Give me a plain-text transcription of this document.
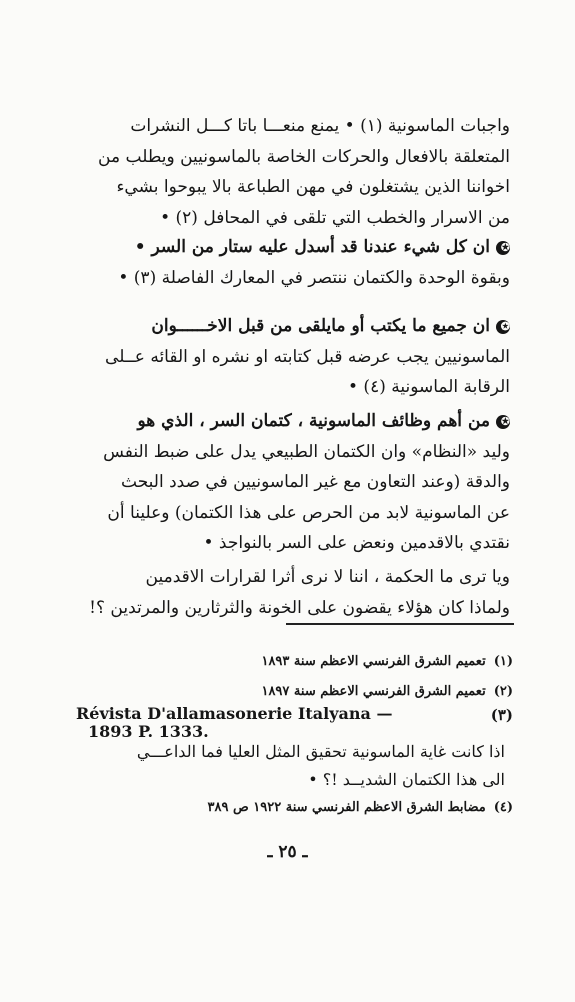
واجبات الماسونية (١) • يمنع منعـــا باتا كـــل النشرات
المتعلقة بالافعال والحركات الخاصة بالماسونيين ويطلب من
اخواننا الذين يشتغلون في مهن الطباعة بالا يبوحوا بشيء
من الاسرار والخطب التي تلقى في المحافل (٢) •
✪ان كل شيء عندنا قد أسدل عليه ستار من السر •
وبقوة الوحدة والكتمان ننتصر في المعارك الفاصلة (٣) •
✪ان جميع ما يكتب أو مايلقى من قبل الاخــــــوان
الماسونيين يجب عرضه قبل كتابته او نشره او القائه عــلى
الرقابة الماسونية (٤) •
✪من أهم وظائف الماسونية ، كتمان السر ، الذي هو
وليد «النظام» وان الكتمان الطبيعي يدل على ضبط النفس
والدقة (وعند التعاون مع غير الماسونيين في صدد البحث
عن الماسونية لابد من الحرص على هذا الكتمان) وعلينا أن
نقتدي بالاقدمين ونعض على السر بالنواجذ •
ويا ترى ما الحكمة ، اننا لا نرى أثرا لقرارات الاقدمين
ولماذا كان هؤلاء يقضون على الخونة والثرثارين والمرتدين ؟!
(١)تعميم الشرق الفرنسي الاعظم سنة ١٨٩٣
(٢)تعميم الشرق الفرنسي الاعظم سنة ١٨٩٧
Révista D'allamasonerie Italyana —	(٣)
1893 P. 1333.
اذا كانت غاية الماسونية تحقيق المثل العليا فما الداعـــي
الى هذا الكتمان الشديــد !؟ •
(٤)مضابط الشرق الاعظم الفرنسي سنة ١٩٢٢ ص ٣٨٩
ـ ٢٥ ـ
